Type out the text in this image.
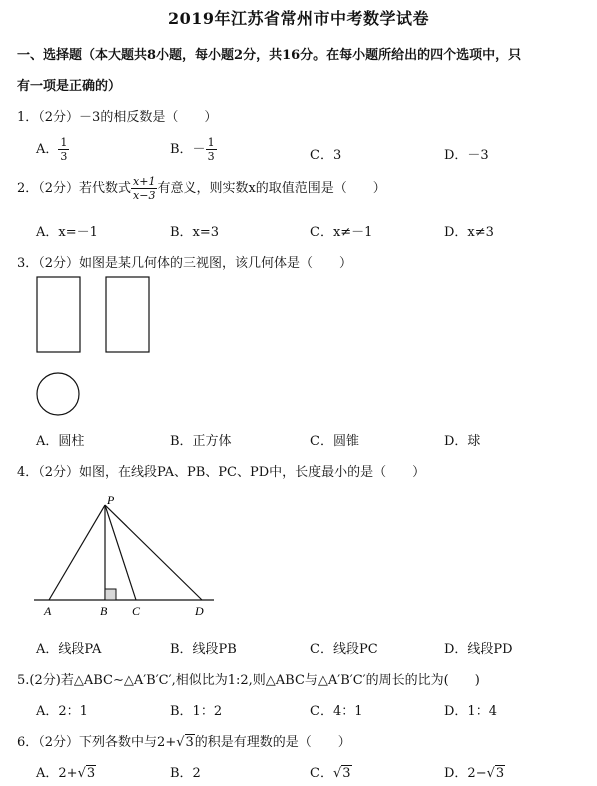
2019年江苏省常州市中考数学试卷
一、选择题（本大题共8小题，每小题2分，共16分。在每小题所给出的四个选项中，只
有一项是正确的）
1．（2分）－3的相反数是（　　）
A． $\frac{1}{3}$	B．－ $\frac{1}{3}$	C．3	D．－3
2．（2分）若代数式 $\frac{x+1}{x-3}$ 有意义，则实数x的取值范围是（　　）
A．x=－1	B．x=3	C．x≠－1	D．x≠3
3．（2分）如图是某几何体的三视图，该几何体是（　　）
A．圆柱	B．正方体	C．圆锥	D．球
4．（2分）如图，在线段PA、PB、PC、PD中，长度最小的是（　　）
P
A	B C	D
A．线段PA	B．线段PB	C．线段PC	D．线段PD
5.(2分)若△ABC∼△A′B′C′,相似比为1:2,则△ABC与△A′B′C′的周长的比为(　　)
A．2：1	B．1：2	C．4：1	D．1：4
6．（2分）下列各数中与2+√3的积是有理数的是（　　）
A．2+√3	B．2	C．√3	D．2−√3
